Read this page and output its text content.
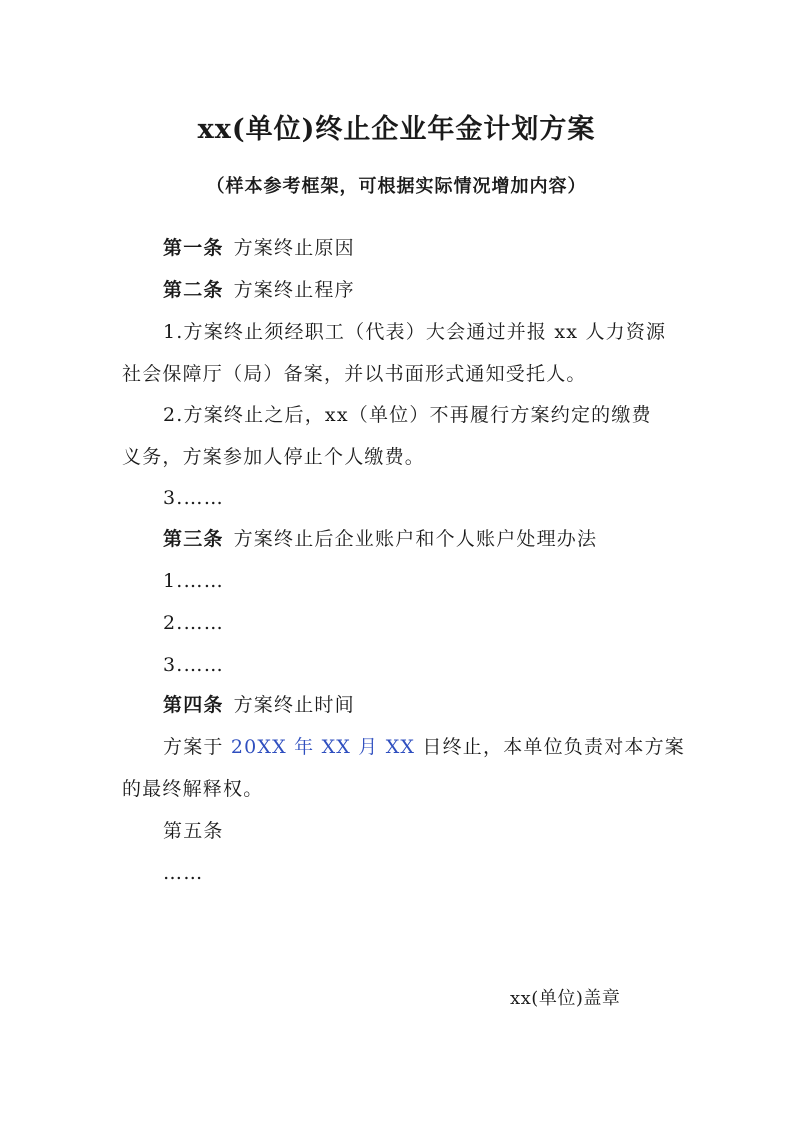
xx(单位)终止企业年金计划方案
（样本参考框架，可根据实际情况增加内容）
第一条 方案终止原因
第二条 方案终止程序
1.方案终止须经职工（代表）大会通过并报 xx 人力资源
社会保障厅（局）备案，并以书面形式通知受托人。
2.方案终止之后，xx（单位）不再履行方案约定的缴费
义务，方案参加人停止个人缴费。
3.……
第三条 方案终止后企业账户和个人账户处理办法
1.……
2.……
3.……
第四条 方案终止时间
方案于 20XX 年 XX 月 XX 日终止，本单位负责对本方案
的最终解释权。
第五条
……
xx(单位)盖章
